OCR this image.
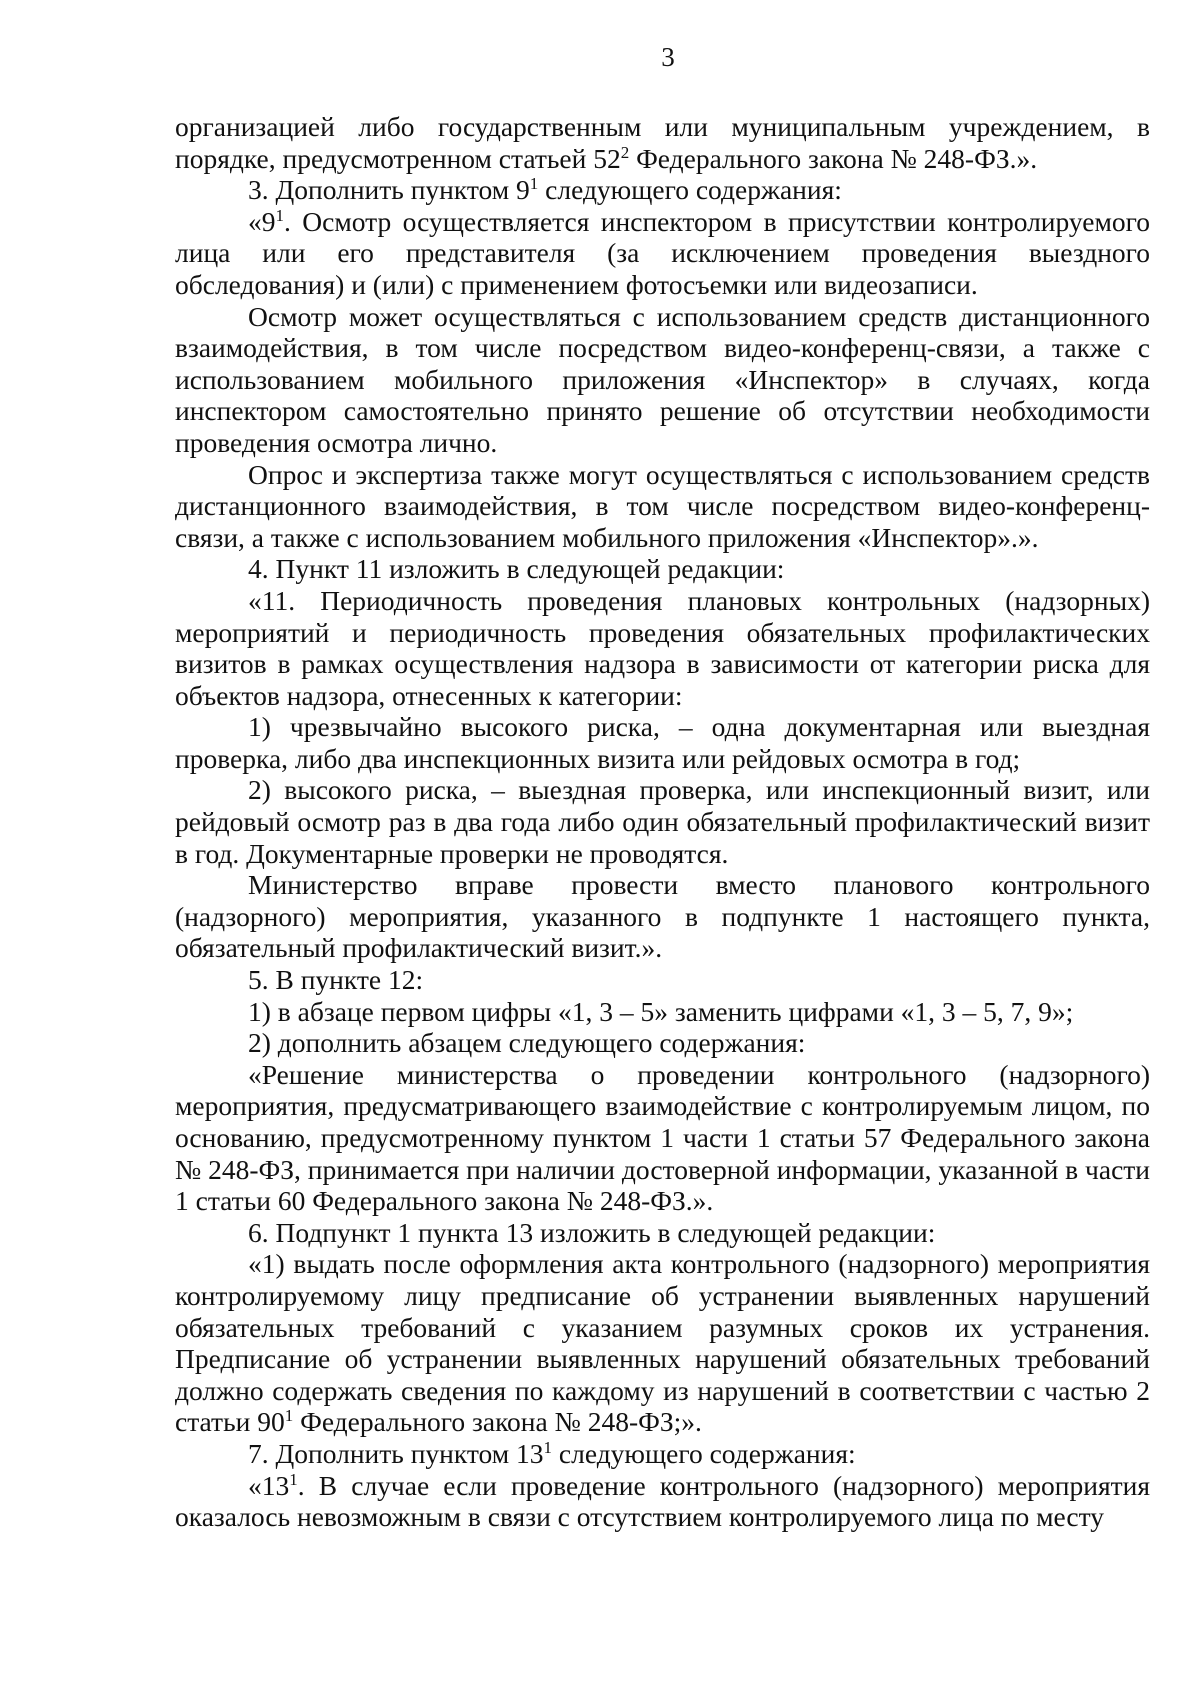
3

организацией либо государственным или муниципальным учреждением, в порядке, предусмотренном статьей $52^2$ Федерального закона № 248-ФЗ.».

3. Дополнить пунктом $9^1$ следующего содержания:

«$9^1$. Осмотр осуществляется инспектором в присутствии контролируемого лица или его представителя (за исключением проведения выездного обследования) и (или) с применением фотосъемки или видеозаписи.

Осмотр может осуществляться с использованием средств дистанционного взаимодействия, в том числе посредством видео-конференц-связи, а также с использованием мобильного приложения «Инспектор» в случаях, когда инспектором самостоятельно принято решение об отсутствии необходимости проведения осмотра лично.

Опрос и экспертиза также могут осуществляться с использованием средств дистанционного взаимодействия, в том числе посредством видео-конференц-связи, а также с использованием мобильного приложения «Инспектор».».

4. Пункт 11 изложить в следующей редакции:

«11. Периодичность проведения плановых контрольных (надзорных) мероприятий и периодичность проведения обязательных профилактических визитов в рамках осуществления надзора в зависимости от категории риска для объектов надзора, отнесенных к категории:

1) чрезвычайно высокого риска, – одна документарная или выездная проверка, либо два инспекционных визита или рейдовых осмотра в год;

2) высокого риска, – выездная проверка, или инспекционный визит, или рейдовый осмотр раз в два года либо один обязательный профилактический визит в год. Документарные проверки не проводятся.

Министерство вправе провести вместо планового контрольного (надзорного) мероприятия, указанного в подпункте 1 настоящего пункта, обязательный профилактический визит.».

5. В пункте 12:

1) в абзаце первом цифры «1, 3 – 5» заменить цифрами «1, 3 – 5, 7, 9»;

2) дополнить абзацем следующего содержания:

«Решение министерства о проведении контрольного (надзорного) мероприятия, предусматривающего взаимодействие с контролируемым лицом, по основанию, предусмотренному пунктом 1 части 1 статьи 57 Федерального закона № 248-ФЗ, принимается при наличии достоверной информации, указанной в части 1 статьи 60 Федерального закона № 248-ФЗ.».

6. Подпункт 1 пункта 13 изложить в следующей редакции:

«1) выдать после оформления акта контрольного (надзорного) мероприятия контролируемому лицу предписание об устранении выявленных нарушений обязательных требований с указанием разумных сроков их устранения. Предписание об устранении выявленных нарушений обязательных требований должно содержать сведения по каждому из нарушений в соответствии с частью 2 статьи $90^1$ Федерального закона № 248-ФЗ;».

7. Дополнить пунктом $13^1$ следующего содержания:

«$13^1$. В случае если проведение контрольного (надзорного) мероприятия оказалось невозможным в связи с отсутствием контролируемого лица по месту
